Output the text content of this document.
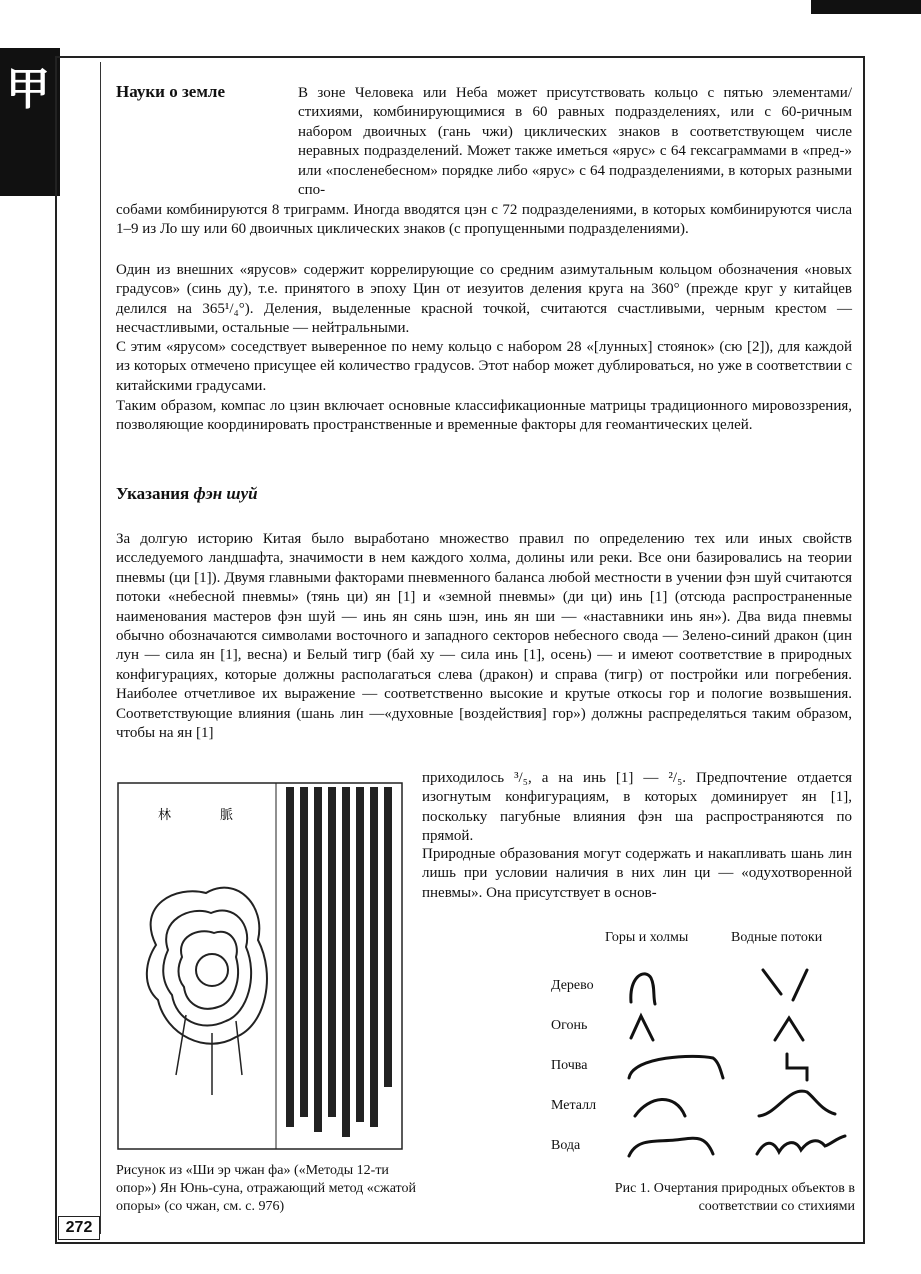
甲
272
Науки о земле	В зоне Человека или Неба может присутствовать кольцо с пятью элементами/стихиями, комбинирующимися в 60 равных подразделениях, или с 60-ричным набором двоичных (гань чжи) циклических знаков в соответствующем числе неравных подразделений. Может также иметься «ярус» с 64 гексаграммами в «пред-» или «посленебесном» порядке либо «ярус» с 64 подразделениями, в которых разными спо-
собами комбинируются 8 триграмм. Иногда вводятся цэн с 72 подразделениями, в которых комбинируются числа 1–9 из Ло шу или 60 двоичных циклических знаков (с пропущенными подразделениями).
Один из внешних «ярусов» содержит коррелирующие со средним азимутальным кольцом обозначения «новых градусов» (синь ду), т.е. принятого в эпоху Цин от иезуитов деления круга на 360° (прежде круг у китайцев делился на 365¹/₄°). Деления, выделенные красной точкой, считаются счастливыми, черным крестом — несчастливыми, остальные — нейтральными.
С этим «ярусом» соседствует выверенное по нему кольцо с набором 28 «[лунных] стоянок» (сю [2]), для каждой из которых отмечено присущее ей количество градусов. Этот набор может дублироваться, но уже в соответствии с китайскими градусами.
Таким образом, компас ло цзин включает основные классификационные матрицы традиционного мировоззрения, позволяющие координировать пространственные и временные факторы для геомантических целей.
Указания фэн шуй
За долгую историю Китая было выработано множество правил по определению тех или иных свойств исследуемого ландшафта, значимости в нем каждого холма, долины или реки. Все они базировались на теории пневмы (ци [1]). Двумя главными факторами пневменного баланса любой местности в учении фэн шуй считаются потоки «небесной пневмы» (тянь ци) ян [1] и «земной пневмы» (ди ци) инь [1] (отсюда распространенные наименования мастеров фэн шуй — инь ян сянь шэн, инь ян ши — «наставники инь ян»). Два вида пневмы обычно обозначаются символами восточного и западного секторов небесного свода — Зелено-синий дракон (цин лун — сила ян [1], весна) и Белый тигр (бай ху — сила инь [1], осень) — и имеют соответствие в природных конфигурациях, которые должны располагаться слева (дракон) и справа (тигр) от постройки или погребения. Наиболее отчетливое их выражение — соответственно высокие и крутые откосы гор и пологие возвышения. Соответствующие влияния (шань лин —«духовные [воздействия] гор») должны распределяться таким образом, чтобы на ян [1]
приходилось ³/₅, а на инь [1] — ²/₅. Предпочтение отдается изогнутым конфигурациям, в которых доминирует ян [1], поскольку пагубные влияния фэн ша распространяются по прямой.
Природные образования могут содержать и накапливать шань лин лишь при условии наличия в них лин ци — «одухотворенной пневмы». Она присутствует в основ-
林	脈
Рисунок из «Ши эр чжан фа» («Методы 12-ти опор») Ян Юнь-суна, отражающий метод «сжатой опоры» (со чжан, см. с. 976)
Горы и холмы	Водные потоки
Дерево
Огонь
Почва
Металл
Вода
Рис 1. Очертания природных объектов в соответствии со стихиями
